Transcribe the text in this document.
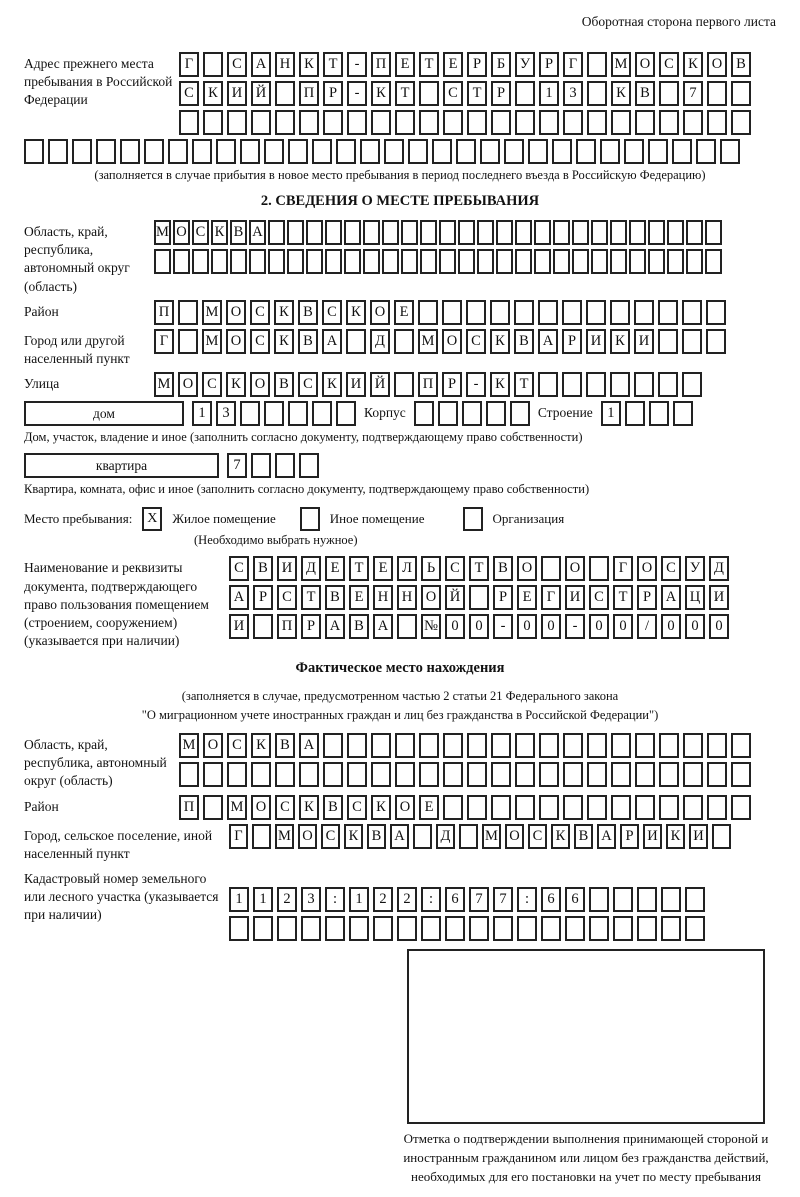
Оборотная сторона первого листа
Адрес прежнего места пребывания в Российской Федерации
Г	С А Н К	Т	-	П Е	Т	Е	Р	Б	У	Р	Г	М О С К О В
С К И Й	П	Р	-	К	Т	С	Т	Р	1	3	К В	7
(заполняется в случае прибытия в новое место пребывания в период последнего въезда в Российскую Федерацию)
2. СВЕДЕНИЯ О МЕСТЕ ПРЕБЫВАНИЯ
Область, край, республика, автономный округ (область)
М О С К В А
Район	П	М О С К В С К О Е
Город или другой населенный пункт
Г	М О С К В А	Д	М О С К В А	Р	И К И
Улица	М О С К О В С К И Й	П	Р	-	К	Т
дом	1	3	Корпус	Строение 1
Дом, участок, владение и иное (заполнить согласно документу, подтверждающему право собственности)
квартира	7
Квартира, комната, офис и иное (заполнить согласно документу, подтверждающему право собственности)
Место пребывания:	X	Жилое помещение	Иное помещение	Организация
(Необходимо выбрать нужное)
Наименование и реквизиты документа, подтверждающего право пользования помещением (строением, сооружением) (указывается при наличии)
С В И Д	Е	Т	Е	Л	Ь	С	Т	В О	О	Г	О С У Д
А	Р	С	Т	В	Е Н Н О Й	Р	Е	Г	И С	Т	Р	А Ц И
И	П	Р	А В А	№ 0	0	-	0	0	-	0	0	/	0	0	0
Фактическое место нахождения
(заполняется в случае, предусмотренном частью 2 статьи 21 Федерального закона
"О миграционном учете иностранных граждан и лиц без гражданства в Российской Федерации")
Область, край, республика, автономный округ (область)
М О С К В А
Район	П	М О С К В С К О Е
Город, сельское поселение, иной населенный пункт
Г	М О С К В А	Д	М О С К В А Р И К И
Кадастровый номер земельного или лесного участка (указывается при наличии)
1	1	2	3	:	1	2	2	:	6	7	7	:	6	6
Отметка о подтверждении выполнения принимающей стороной и иностранным гражданином или лицом без гражданства действий, необходимых для его постановки на учет по месту пребывания
